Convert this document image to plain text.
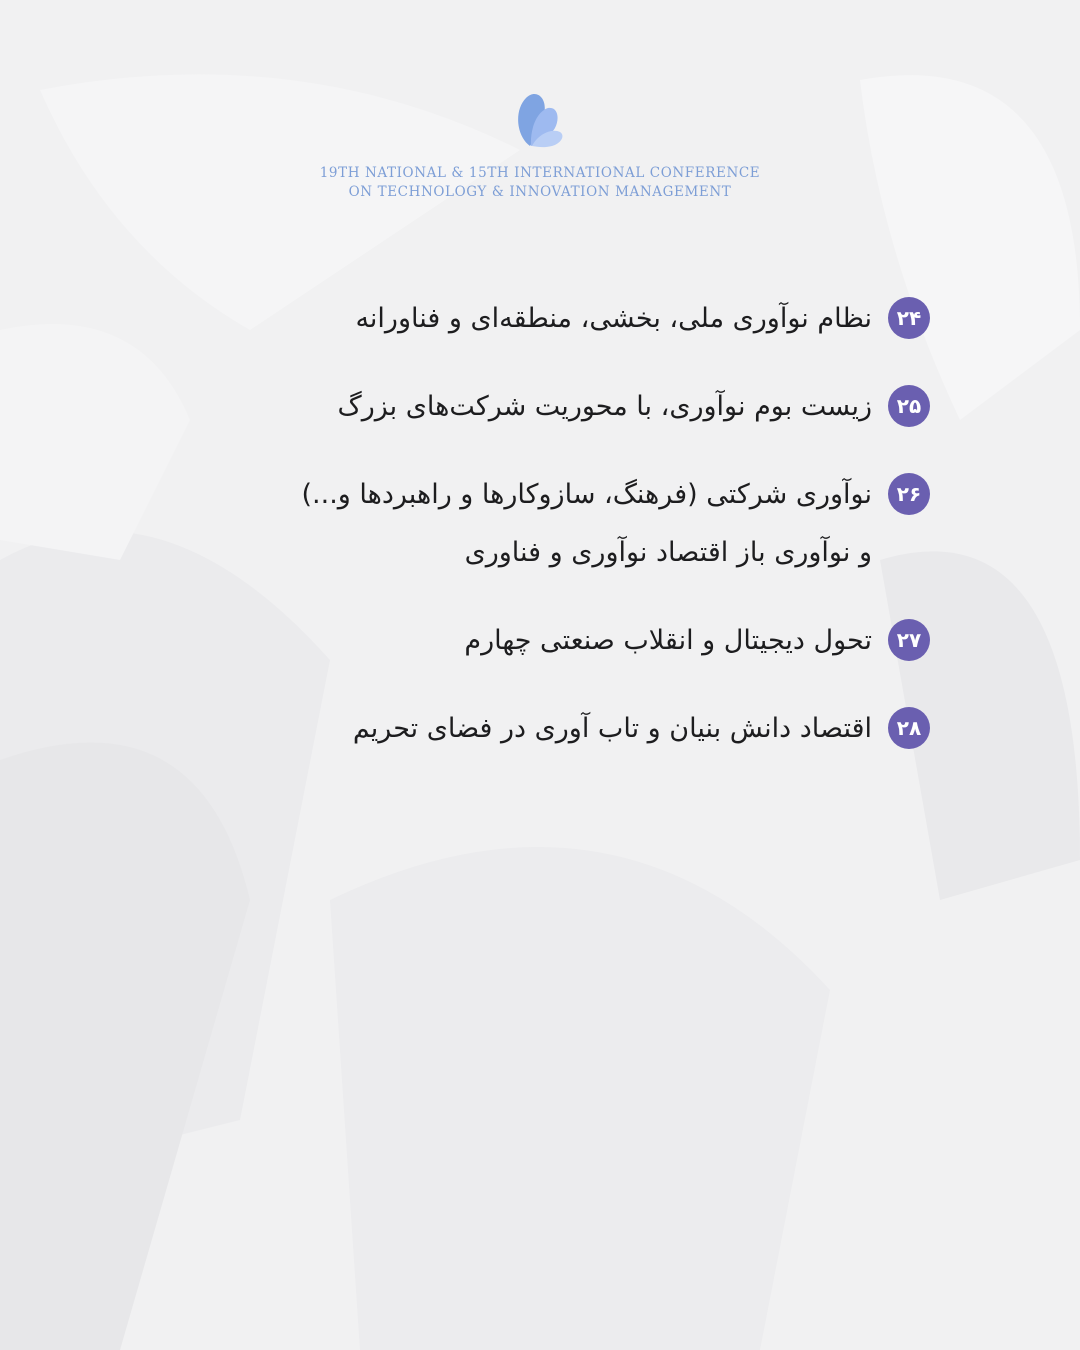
19TH NATIONAL & 15TH INTERNATIONAL CONFERENCE
ON TECHNOLOGY & INNOVATION MANAGEMENT
۲۴
نظام نوآوری ملی، بخشی، منطقه‌ای و فناورانه
۲۵
زیست بوم نوآوری، با محوریت شرکت‌های بزرگ
۲۶
نوآوری شرکتی (فرهنگ، سازوکارها و راهبردها و...)
و نوآوری باز اقتصاد نوآوری و فناوری
۲۷
تحول دیجیتال و انقلاب صنعتی چهارم
۲۸
اقتصاد دانش بنیان و تاب آوری در فضای تحریم
